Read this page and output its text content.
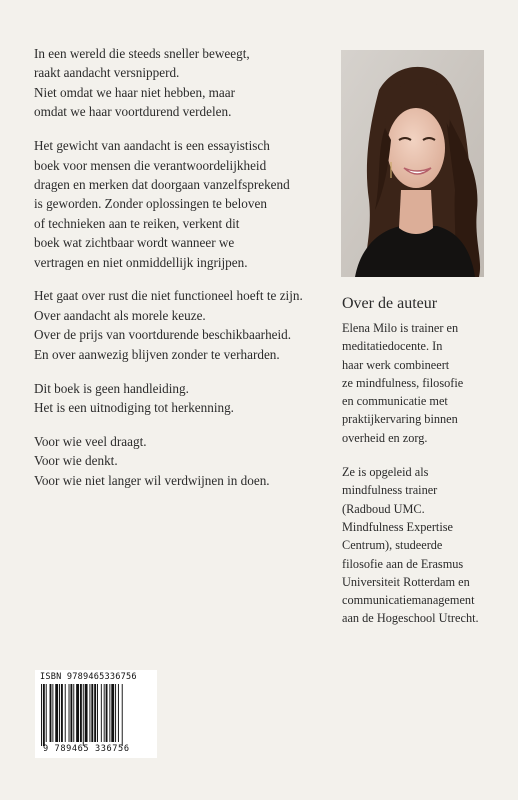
In een wereld die steeds sneller beweegt,
raakt aandacht versnipperd.
Niet omdat we haar niet hebben, maar
omdat we haar voortdurend verdelen.

Het gewicht van aandacht is een essayistisch
boek voor mensen die verantwoordelijkheid
dragen en merken dat doorgaan vanzelfsprekend
is geworden. Zonder oplossingen te beloven
of technieken aan te reiken, verkent dit
boek wat zichtbaar wordt wanneer we
vertragen en niet onmiddellijk ingrijpen.

Het gaat over rust die niet functioneel hoeft te zijn.
Over aandacht als morele keuze.
Over de prijs van voortdurende beschikbaarheid.
En over aanwezig blijven zonder te verharden.

Dit boek is geen handleiding.
Het is een uitnodiging tot herkenning.

Voor wie veel draagt.
Voor wie denkt.
Voor wie niet langer wil verdwijnen in doen.

Over de auteur

Elena Milo is trainer en
meditatiedocente. In
haar werk combineert
ze mindfulness, filosofie
en communicatie met
praktijkervaring binnen
overheid en zorg.

Ze is opgeleid als
mindfulness trainer
(Radboud UMC.
Mindfulness Expertise
Centrum), studeerde
filosofie aan de Erasmus
Universiteit Rotterdam en
communicatiemanagement
aan de Hogeschool Utrecht.

ISBN 9789465336756
9 789465 336756
